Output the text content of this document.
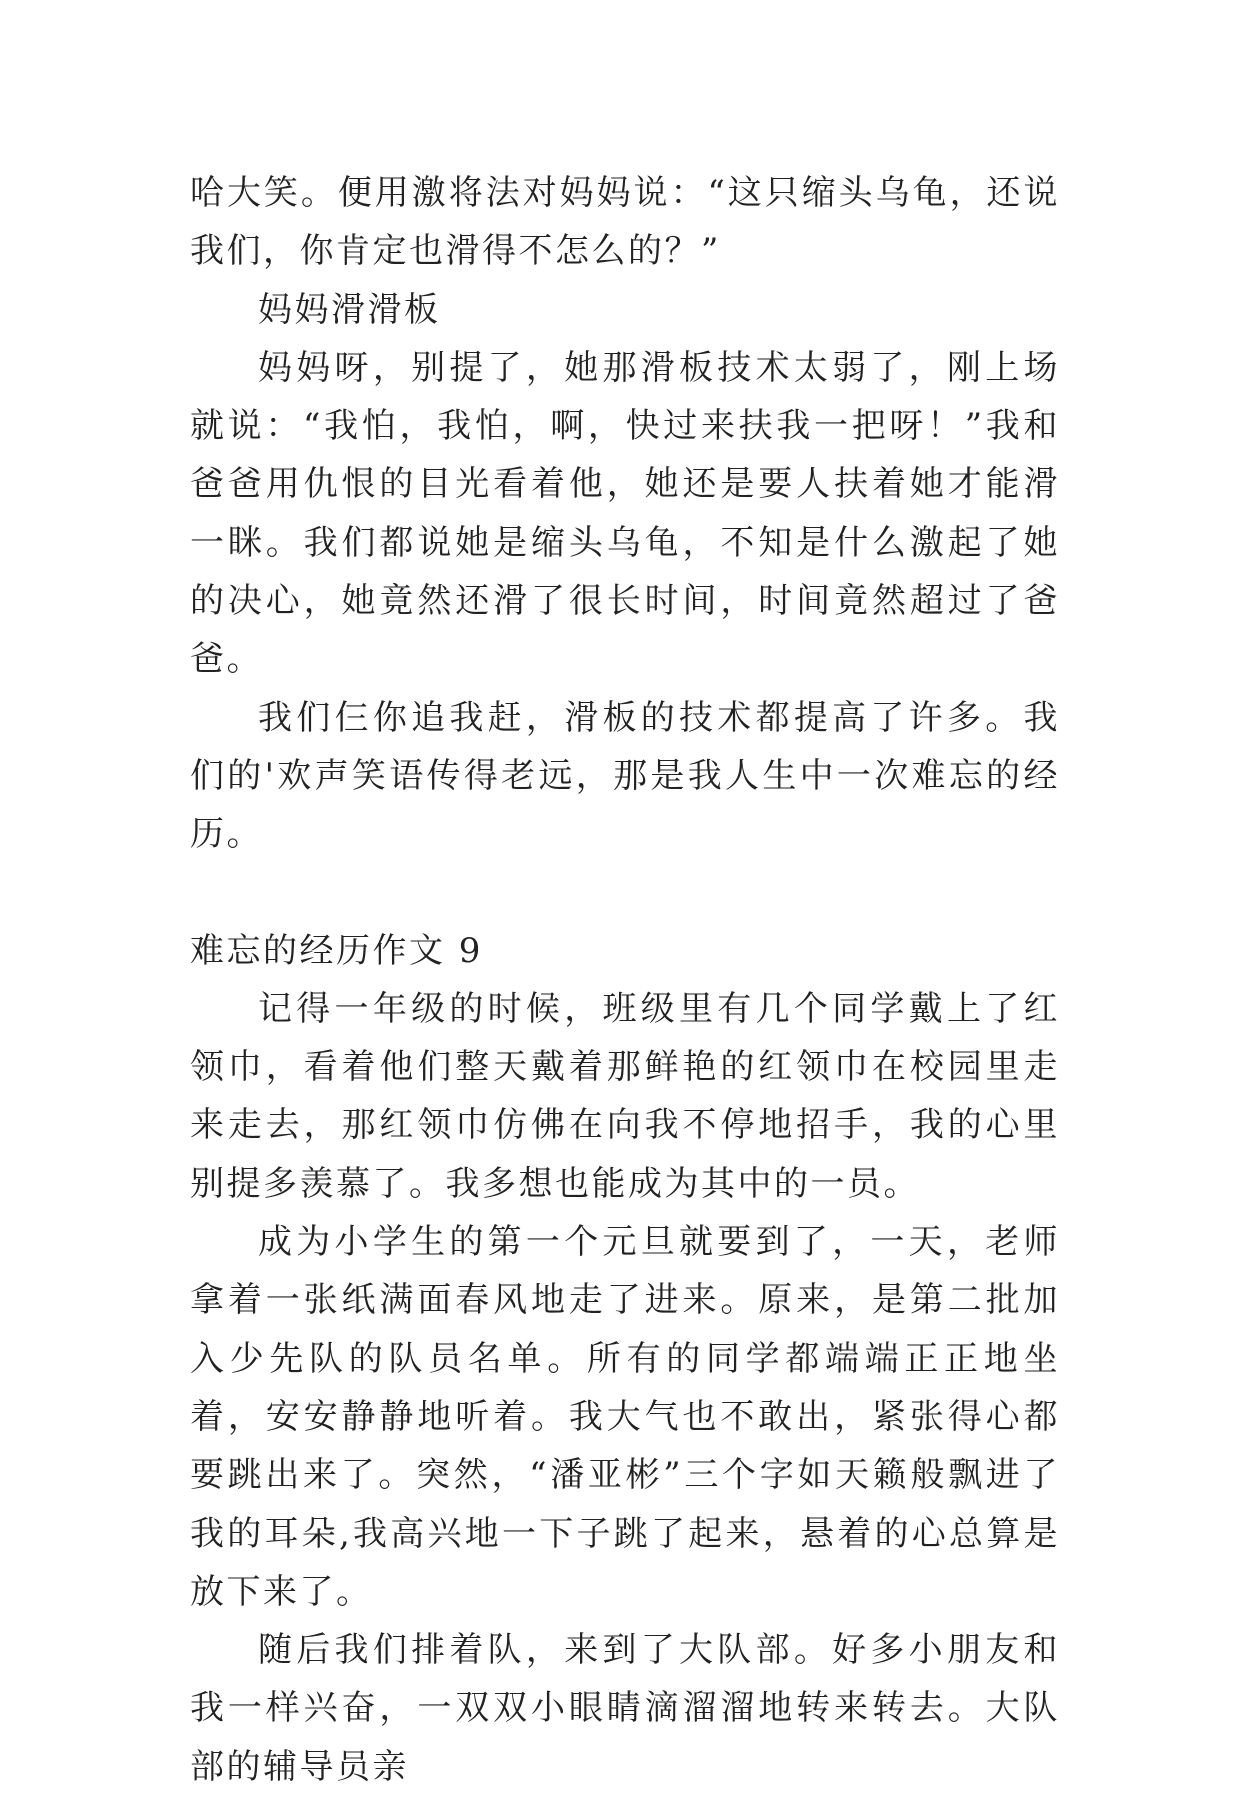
哈大笑。便用激将法对妈妈说：“这只缩头乌龟，还说我们，你肯定也滑得不怎么的？”

妈妈滑滑板

妈妈呀，别提了，她那滑板技术太弱了，刚上场就说：“我怕，我怕，啊，快过来扶我一把呀！”我和爸爸用仇恨的目光看着他，她还是要人扶着她才能滑一眯。我们都说她是缩头乌龟，不知是什么激起了她的决心，她竟然还滑了很长时间，时间竟然超过了爸爸。

我们仨你追我赶，滑板的技术都提高了许多。我们的'欢声笑语传得老远，那是我人生中一次难忘的经历。

难忘的经历作文 9

记得一年级的时候，班级里有几个同学戴上了红领巾，看着他们整天戴着那鲜艳的红领巾在校园里走来走去，那红领巾仿佛在向我不停地招手，我的心里别提多羡慕了。我多想也能成为其中的一员。

成为小学生的第一个元旦就要到了，一天，老师拿着一张纸满面春风地走了进来。原来，是第二批加入少先队的队员名单。所有的同学都端端正正地坐着，安安静静地听着。我大气也不敢出，紧张得心都要跳出来了。突然，“潘亚彬”三个字如天籁般飘进了我的耳朵,我高兴地一下子跳了起来，悬着的心总算是放下来了。

随后我们排着队，来到了大队部。好多小朋友和我一样兴奋，一双双小眼睛滴溜溜地转来转去。大队部的辅导员亲
